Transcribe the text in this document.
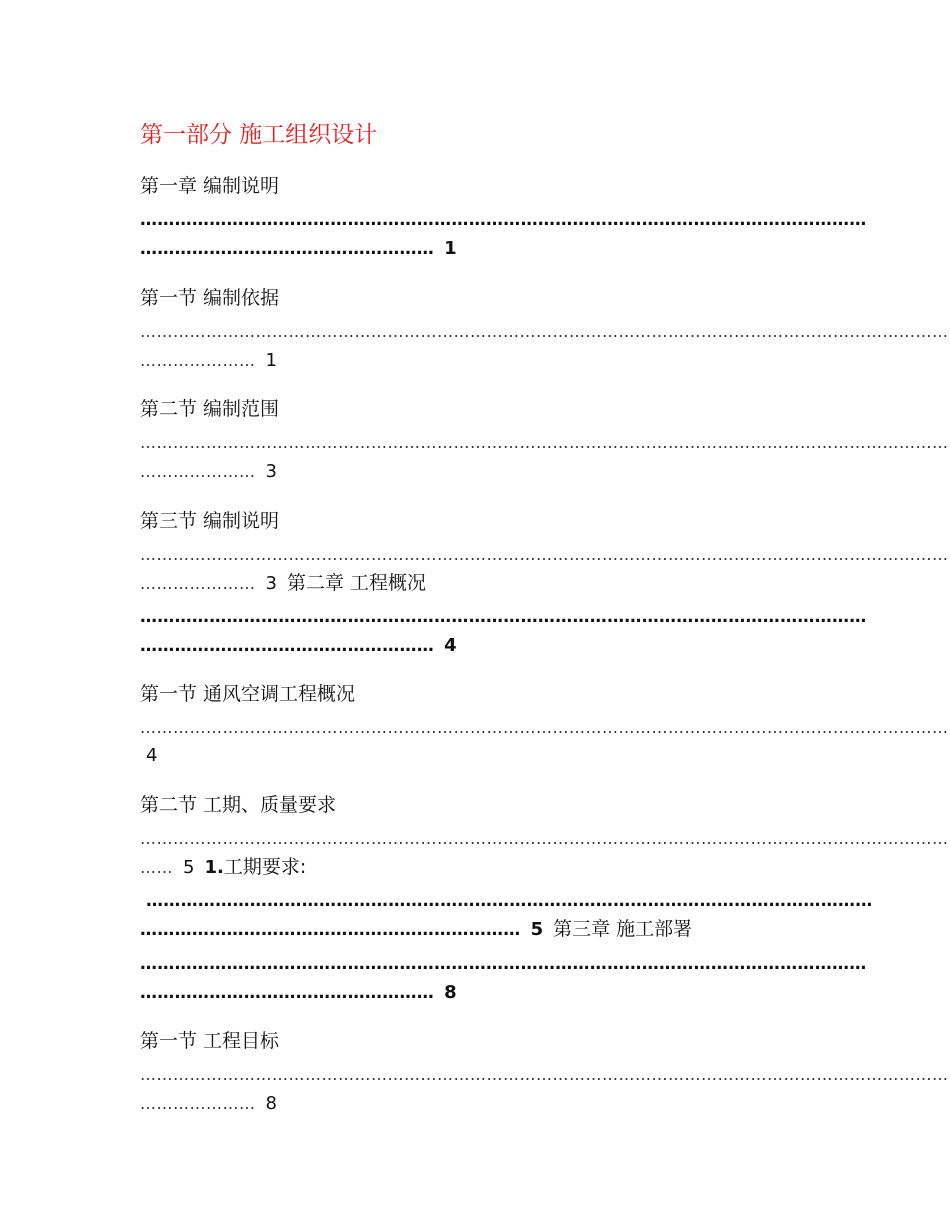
第一部分 施工组织设计
第一章 编制说明
………………………………………………………………………………………………………………
…………………………………………… 1
第一节 编制依据
…………………………………………………………………………………………………………………………………
………………… 1
第二节 编制范围
…………………………………………………………………………………………………………………………………
………………… 3
第三节 编制说明
…………………………………………………………………………………………………………………………………
………………… 3 第二章 工程概况
………………………………………………………………………………………………………………
…………………………………………… 4
第一节 通风空调工程概况
…………………………………………………………………………………………………………………………………
4
第二节 工期、质量要求
…………………………………………………………………………………………………………………………………
…… 5 1.工期要求:
………………………………………………………………………………………………………………
………………………………………………………… 5 第三章 施工部署
………………………………………………………………………………………………………………
…………………………………………… 8
第一节 工程目标
…………………………………………………………………………………………………………………………………
………………… 8
